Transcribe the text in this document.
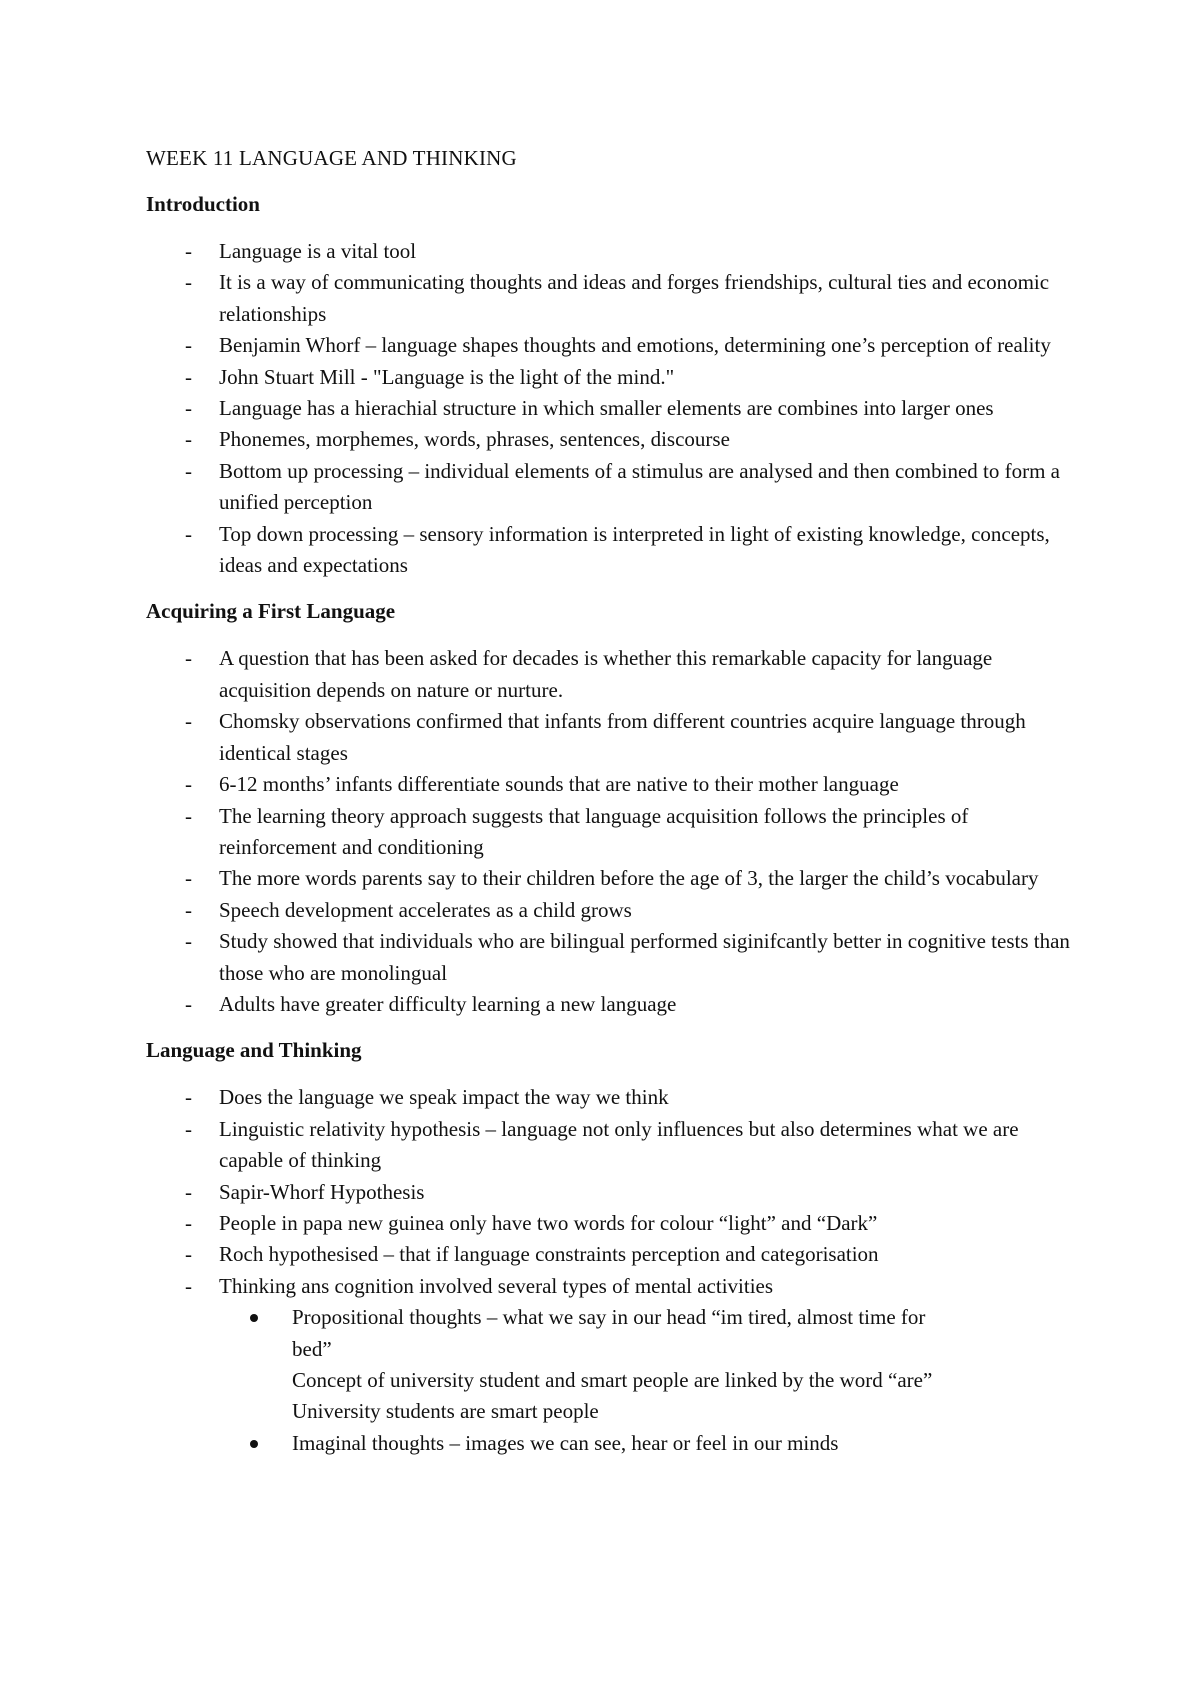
WEEK 11 LANGUAGE AND THINKING
Introduction
- Language is a vital tool
- It is a way of communicating thoughts and ideas and forges friendships, cultural ties and economic relationships
- Benjamin Whorf – language shapes thoughts and emotions, determining one’s perception of reality
- John Stuart Mill - "Language is the light of the mind."
- Language has a hierachial structure in which smaller elements are combines into larger ones
- Phonemes, morphemes, words, phrases, sentences, discourse
- Bottom up processing – individual elements of a stimulus are analysed and then combined to form a unified perception
- Top down processing – sensory information is interpreted in light of existing knowledge, concepts, ideas and expectations
Acquiring a First Language
- A question that has been asked for decades is whether this remarkable capacity for language acquisition depends on nature or nurture.
- Chomsky observations confirmed that infants from different countries acquire language through identical stages
- 6-12 months’ infants differentiate sounds that are native to their mother language
- The learning theory approach suggests that language acquisition follows the principles of reinforcement and conditioning
- The more words parents say to their children before the age of 3, the larger the child’s vocabulary
- Speech development accelerates as a child grows
- Study showed that individuals who are bilingual performed siginifcantly better in cognitive tests than those who are monolingual
- Adults have greater difficulty learning a new language
Language and Thinking
- Does the language we speak impact the way we think
- Linguistic relativity hypothesis – language not only influences but also determines what we are capable of thinking
- Sapir-Whorf Hypothesis
- People in papa new guinea only have two words for colour “light” and “Dark”
- Roch hypothesised – that if language constraints perception and categorisation
- Thinking ans cognition involved several types of mental activities
Propositional thoughts – what we say in our head “im tired, almost time for
bed”
Concept of university student and smart people are linked by the word “are”
University students are smart people
Imaginal thoughts – images we can see, hear or feel in our minds
